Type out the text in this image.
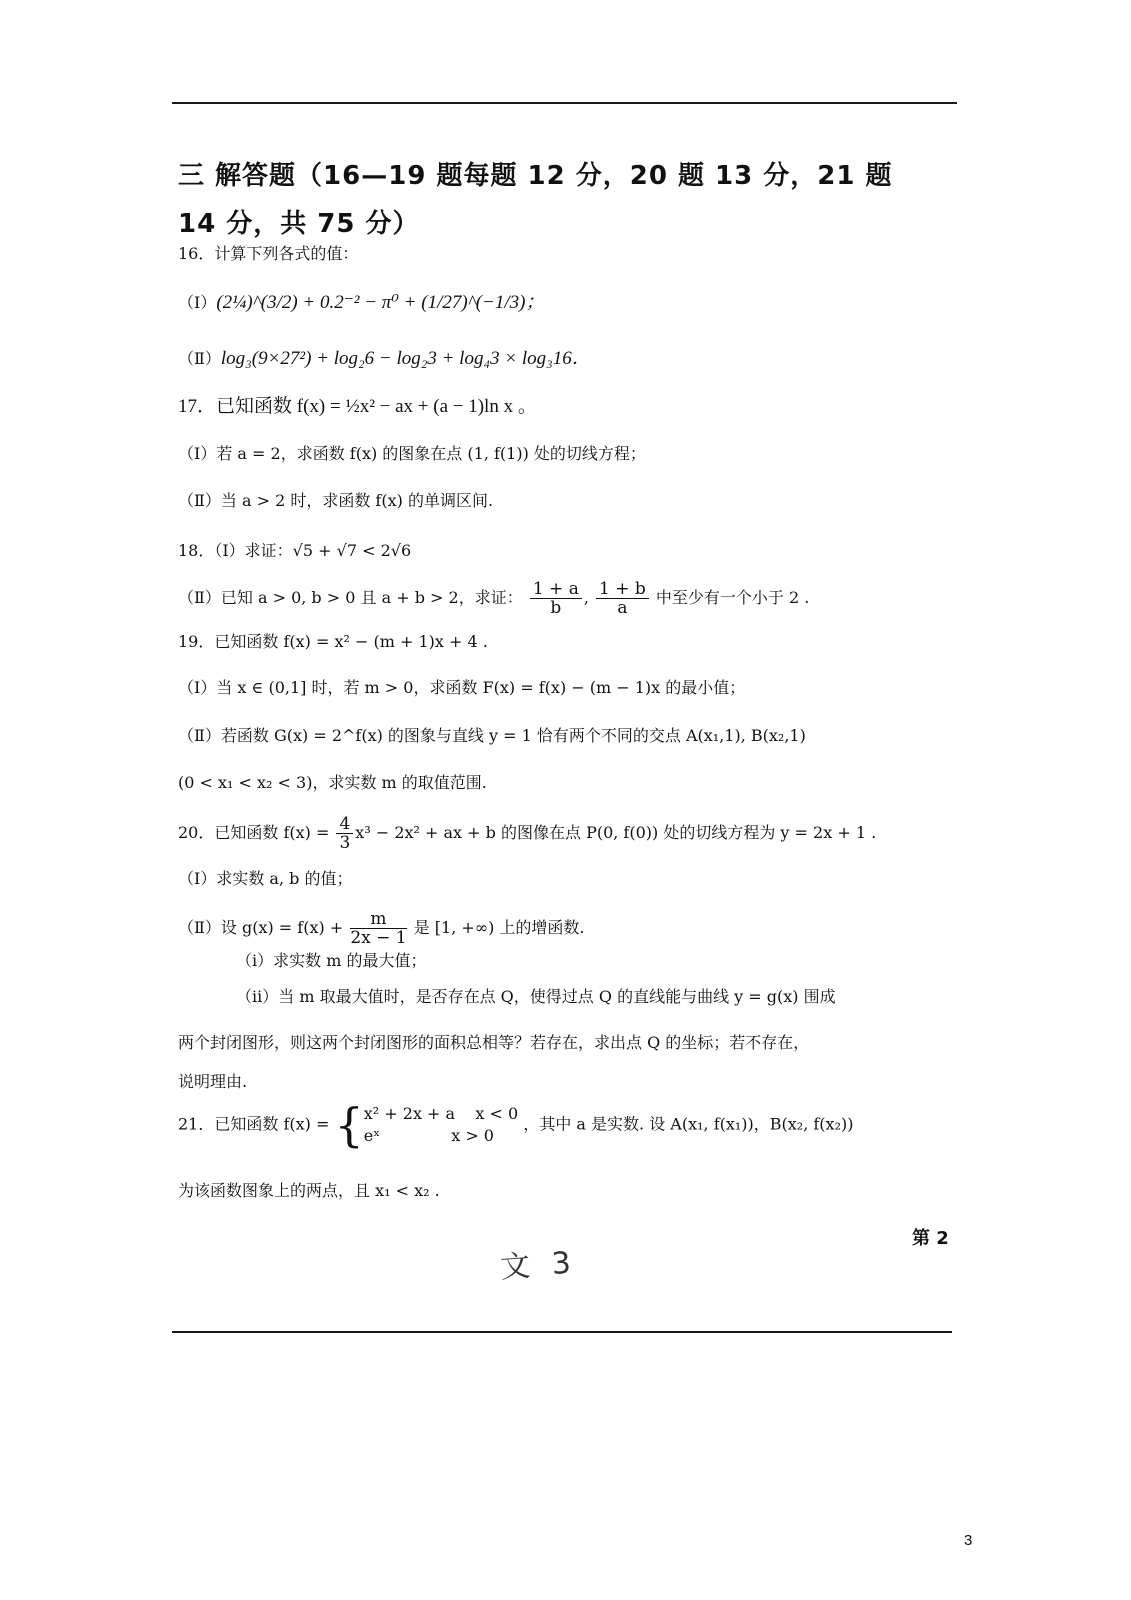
三 解答题（16—19 题每题 12 分，20 题 13 分，21 题 14 分，共 75 分）
16．计算下列各式的值：
（Ⅰ）(2¼)^(3/2) + 0.2⁻² − π⁰ + (1/27)^(−1/3)；
（Ⅱ）log₃(9×27²) + log₂6 − log₂3 + log₄3 × log₃16．
17．已知函数 f(x) = ½x² − ax + (a − 1)ln x 。
（Ⅰ）若 a = 2，求函数 f(x) 的图象在点 (1, f(1)) 处的切线方程；
（Ⅱ）当 a > 2 时，求函数 f(x) 的单调区间.
18．（Ⅰ）求证：√5 + √7 < 2√6
（Ⅱ）已知 a > 0, b > 0 且 a + b > 2，求证： $\frac{1 + a}{b}$ , $\frac{1 + b}{a}$ 中至少有一个小于 2 .
19．已知函数 f(x) = x² − (m + 1)x + 4 .
（Ⅰ）当 x ∈ (0,1] 时，若 m > 0，求函数 F(x) = f(x) − (m − 1)x 的最小值；
（Ⅱ）若函数 G(x) = 2^f(x) 的图象与直线 y = 1 恰有两个不同的交点 A(x₁,1), B(x₂,1)
(0 < x₁ < x₂ < 3)，求实数 m 的取值范围.
20．已知函数 $f(x) = \frac{4}{3} x^3 - 2x^2$ + ax + b 的图像在点 P(0, f(0)) 处的切线方程为 y = 2x + 1 .
（Ⅰ）求实数 a, b 的值；
（Ⅱ）设 $g(x) = f(x) + \frac{m}{2x - 1}$ 是 [1, +∞) 上的增函数.
（ⅰ）求实数 m 的最大值；
（ⅱ）当 m 取最大值时，是否存在点 Q，使得过点 Q 的直线能与曲线 y = g(x) 围成
两个封闭图形，则这两个封闭图形的面积总相等？若存在，求出点 Q 的坐标；若不存在，
说明理由.
21．已知函数 f(x) = { x² + 2x + a    x < 0
eˣ              x > 0
，其中 a 是实数. 设 A(x₁, f(x₁))，B(x₂, f(x₂))
为该函数图象上的两点，且 x₁ < x₂ .
第 2
文 3
3
